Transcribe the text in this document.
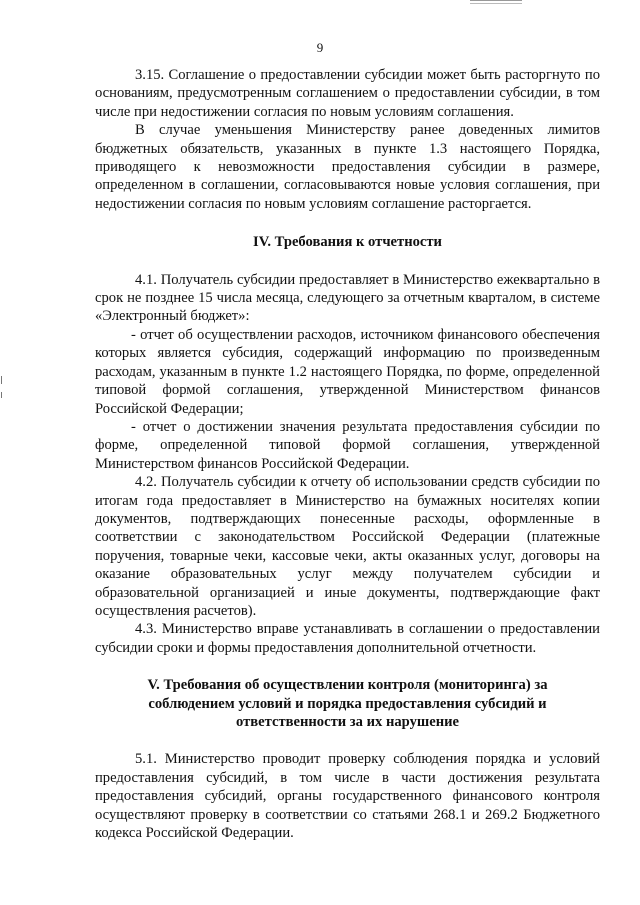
9

3.15. Соглашение о предоставлении субсидии может быть расторгнуто по основаниям, предусмотренным соглашением о предоставлении субсидии, в том числе при недостижении согласия по новым условиям соглашения.

В случае уменьшения Министерству ранее доведенных лимитов бюджетных обязательств, указанных в пункте 1.3 настоящего Порядка, приводящего к невозможности предоставления субсидии в размере, определенном в соглашении, согласовываются новые условия соглашения, при недостижении согласия по новым условиям соглашение расторгается.

IV. Требования к отчетности

4.1. Получатель субсидии предоставляет в Министерство ежеквартально в срок не позднее 15 числа месяца, следующего за отчетным кварталом, в системе «Электронный бюджет»:

- отчет об осуществлении расходов, источником финансового обеспечения которых является субсидия, содержащий информацию по произведенным расходам, указанным в пункте 1.2 настоящего Порядка, по форме, определенной типовой формой соглашения, утвержденной Министерством финансов Российской Федерации;

- отчет о достижении значения результата предоставления субсидии по форме, определенной типовой формой соглашения, утвержденной Министерством финансов Российской Федерации.

4.2. Получатель субсидии к отчету об использовании средств субсидии по итогам года предоставляет в Министерство на бумажных носителях копии документов, подтверждающих понесенные расходы, оформленные в соответствии с законодательством Российской Федерации (платежные поручения, товарные чеки, кассовые чеки, акты оказанных услуг, договоры на оказание образовательных услуг между получателем субсидии и образовательной организацией и иные документы, подтверждающие факт осуществления расчетов).

4.3. Министерство вправе устанавливать в соглашении о предоставлении субсидии сроки и формы предоставления дополнительной отчетности.

V. Требования об осуществлении контроля (мониторинга) за
соблюдением условий и порядка предоставления субсидий и
ответственности за их нарушение

5.1. Министерство проводит проверку соблюдения порядка и условий предоставления субсидий, в том числе в части достижения результата предоставления субсидий, органы государственного финансового контроля осуществляют проверку в соответствии со статьями 268.1 и 269.2 Бюджетного кодекса Российской Федерации.
